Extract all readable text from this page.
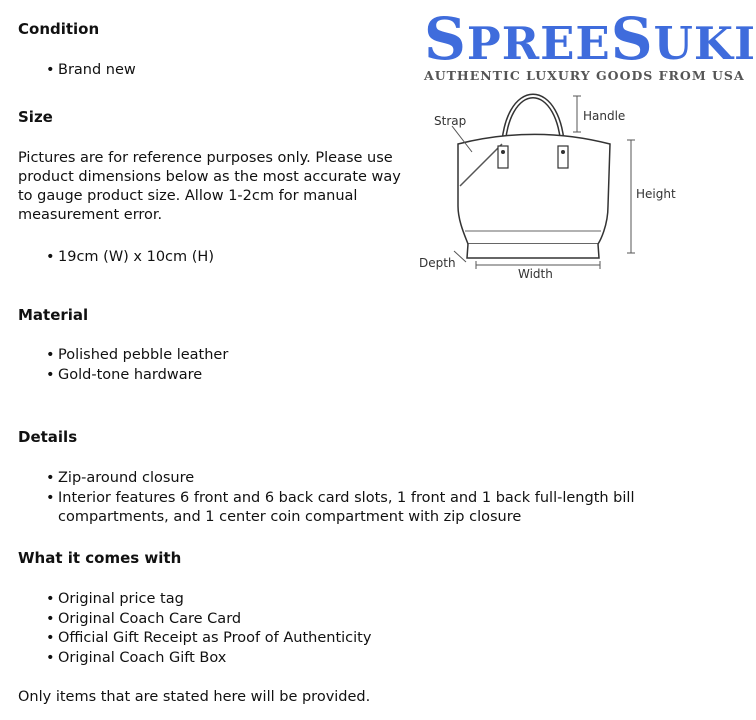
SPREESUKI
AUTHENTIC LUXURY GOODS FROM USA
Strap	Handle
Height
Depth
Width
Condition
• Brand new
Size
Pictures are for reference purposes only. Please use product dimensions below as the most accurate way to gauge product size. Allow 1-2cm for manual measurement error.
• 19cm (W) x 10cm (H)
Material
• Polished pebble leather
• Gold-tone hardware
Details
• Zip-around closure
• Interior features 6 front and 6 back card slots, 1 front and 1 back full-length bill compartments, and 1 center coin compartment with zip closure
What it comes with
• Original price tag
• Original Coach Care Card
• Official Gift Receipt as Proof of Authenticity
• Original Coach Gift Box
Only items that are stated here will be provided.
